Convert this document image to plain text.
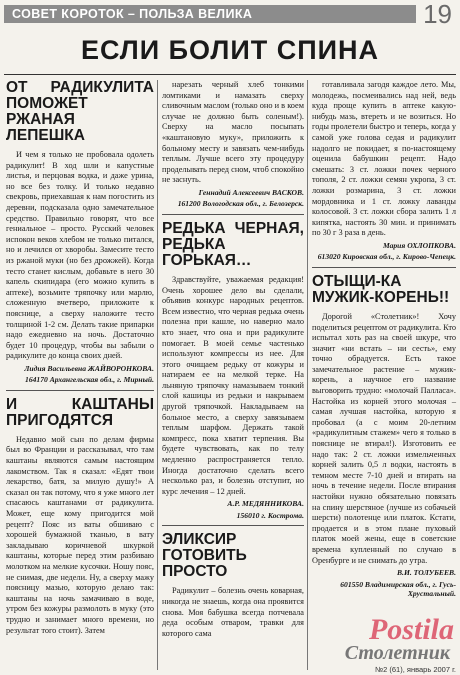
СОВЕТ КОРОТОК – ПОЛЬЗА ВЕЛИКА	19
ЕСЛИ БОЛИТ СПИНА
ОТ РАДИКУЛИТА ПОМОЖЕТ РЖАНАЯ ЛЕПЕШКА

И чем я только не пробовала одолеть радикулит! В ход шли и капустные листья, и перцовая водка, и даже урина, но все без толку. И только недавно свекровь, приехавшая к нам погостить из деревни, подсказала одно замечательное средство. Правильно говорят, что все гениальное – просто. Русский человек испокон веков хлебом не только питался, но и лечился от хворобы. Замесите тесто из ржаной муки (но без дрожжей). Когда тесто станет кислым, добавьте в него 30 капель скипидара (его можно купить в аптеке), возьмите тряпочку или марлю, сложенную вчетверо, приложите к пояснице, а сверху наложите тесто толщиной 1-2 см. Делать такие припарки надо ежедневно на ночь. Достаточно будет 10 процедур, чтобы вы забыли о радикулите до конца своих дней.

Лидия Васильевна ЖАЙВОРОНКОВА.
164170 Архангельская обл., г. Мирный.
И КАШТАНЫ ПРИГОДЯТСЯ

Недавно мой сын по делам фирмы был во Франции и рассказывал, что там каштаны являются самым настоящим лакомством. Так я сказал: «Едят твои лекарство, батя, за милую душу!» А сказал он так потому, что я уже много лет спасаюсь каштанами от радикулита. Может, еще кому пригодится мой рецепт? Пояс из ваты обшиваю с хорошей бумажной тканью, в вату закладываю коричневой шкуркой каштаны, которые перед этим разбиваю молотком на мелкие кусочки. Ношу пояс, не снимая, две недели. Ну, а сверху мажу поясницу мазью, которую делаю так: каштаны на ночь замачиваю в воде, утром без кожуры размолоть в муку (это трудно и занимает много времени, но результат того стоит). Затем

нарезать черный хлеб тонкими ломтиками и намазать сверху сливочным маслом (только оно и в коем случае не должно быть соленым!). Сверху на масло посыпать «каштановую муку», приложить к больному месту и завязать чем-нибудь теплым. Лучше всего эту процедуру проделывать перед сном, чтоб спокойно не заснуть.

Геннадий Алексеевич ВАСКОВ.
161200 Вологодская обл., г. Белозерск.
РЕДЬКА ЧЕРНАЯ, РЕДЬКА ГОРЬКАЯ…

Здравствуйте, уважаемая редакция! Очень хорошее дело вы сделали, объявив конкурс народных рецептов. Всем известно, что черная редька очень полезна при кашле, но наверно мало кто знает, что она и при радикулите помогает. В моей семье частенько используют компрессы из нее. Для этого очищаем редьку от кожуры и натираем ее на мелкой терке. На льняную тряпочку намазываем тонкий слой кашицы из редьки и накрываем другой тряпочкой. Накладываем на больное место, а сверху завязываем теплым шарфом. Держать такой компресс, пока хватит терпения. Вы будете чувствовать, как по телу медленно распространяется тепло. Иногда достаточно сделать всего несколько раз, и болезнь отступит, но курс лечения – 12 дней.

А.Р. МЕДЯННИКОВА.
156010 г. Кострома.
ЭЛИКСИР ГОТОВИТЬ ПРОСТО

Радикулит – болезнь очень коварная, никогда не знаешь, когда она проявится снова. Моя бабушка всегда потчевала деда особым отваром, травки для которого сама

готавливала загодя каждое лето. Мы, молодежь, посмеивались над ней, ведь куда проще купить в аптеке какую-нибудь мазь, втереть и не возиться. Но годы пролетели быстро и теперь, когда у самой уже голова седая и радикулит надолго не покидает, я по-настоящему оценила бабушкин рецепт. Надо смешать: 3 ст. ложки почек черного тополя, 2 ст. ложки семян укропа, 3 ст. ложки розмарина, 3 ст. ложки мордовника и 1 ст. ложку лаванды колосовой. 3 ст. ложки сбора залить 1 л кипятка, настоять 30 мин. и принимать по 30 г 3 раза в день.

Мария ОХЛОПКОВА.
613020 Кировская обл., г. Кирово-Чепецк.
ОТЫЩИ-КА МУЖИК-КОРЕНЬ!!

Дорогой «Столетник»! Хочу поделиться рецептом от радикулита. Кто испытал хоть раз на своей шкуре, что значит «ни встать – ни сесть», ему точно обрадуется. Есть такое замечательное растение – мужик-корень, а научное его название выговорить трудно: «молочай Палласа». Настойка из корней этого молочая – самая лучшая настойка, которую я пробовал (а с моим 20-летним «радикулитным стажем» чего я только в пояснице не втирал!). Изготовить ее надо так: 2 ст. ложки измельченных корней залить 0,5 л водки, настоять в темном месте 7-10 дней и втирать на ночь в течение недели. После втирания настойки нужно обязательно повязать на спину шерстяное (лучше из собачьей шерсти) полотенце или платок. Кстати, продается и в этом плане пуховый платок моей жены, еще в советские времена купленный по случаю в Оренбурге и не снимать до утра.

В.И. ТОЛУБЕЕВ.
601550 Владимирская обл., г. Гусь-Хрустальный.
Postila
Столетник
№2 (61), январь 2007 г.
